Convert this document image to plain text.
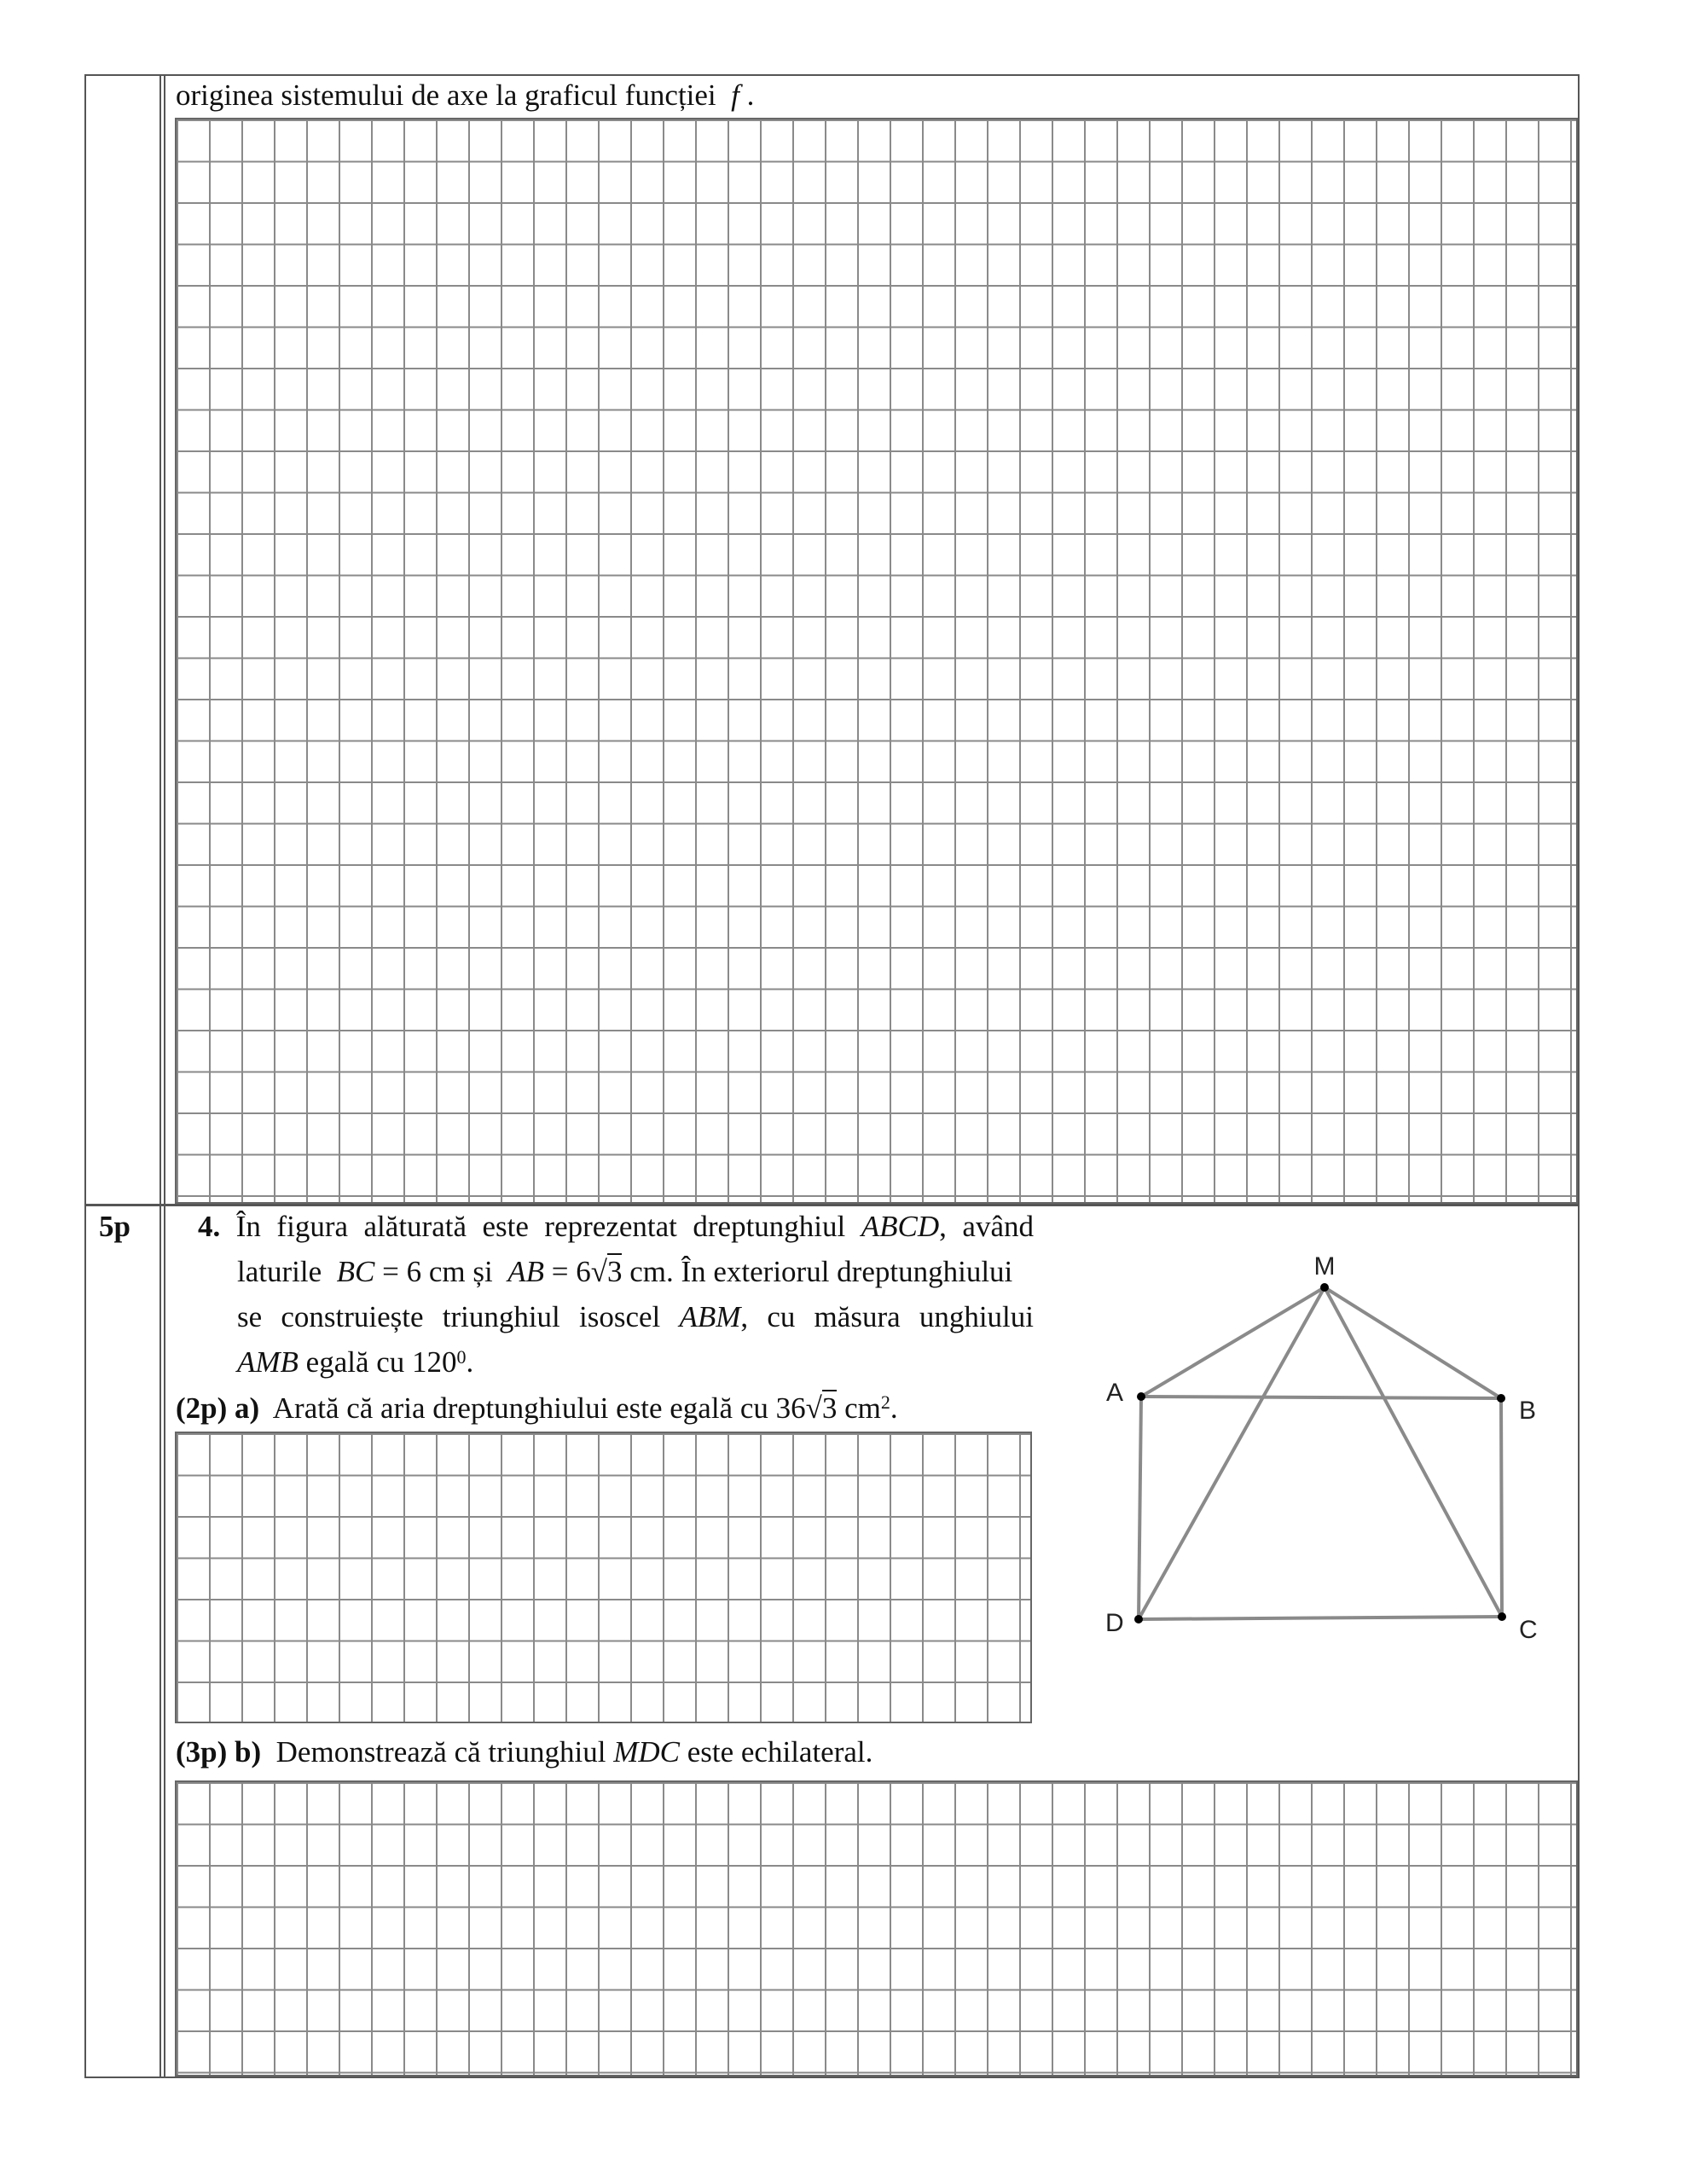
originea sistemului de axe la graficul funcției f .
5p 4. În figura alăturată este reprezentat dreptunghiul ABCD, având
laturile BC = 6 cm și AB = 6√3 cm. În exteriorul dreptunghiului
se construiește triunghiul isoscel ABM, cu măsura unghiului
AMB egală cu $120^0$.
(2p) a) Arată că aria dreptunghiului este egală cu 36√3 $cm^2$.
(3p) b) Demonstrează că triunghiul MDC este echilateral.
M
A
B
C
D
